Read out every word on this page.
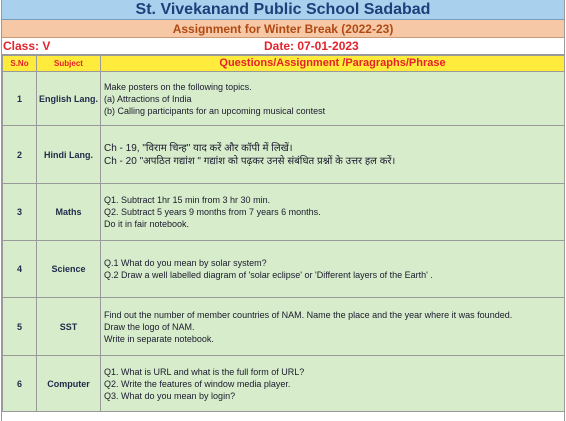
St. Vivekanand Public School Sadabad
Assignment for Winter Break (2022-23)
Class: V	Date: 07-01-2023
S.No	Subject	Questions/Assignment /Paragraphs/Phrase
1	English Lang.	Make posters on the following topics.
(a) Attractions of India
(b) Calling participants for an upcoming musical contest

2	Hindi Lang.	Ch - 19, "विराम चिन्ह" याद करें और कॉपी में लिखें।
Ch - 20 "अपठित गद्यांश " गद्यांश को पढ़कर उनसे संबंधित प्रश्नों के उत्तर हल करें।

3	Maths	Q1. Subtract 1hr 15 min from 3 hr 30 min.
Q2. Subtract 5 years 9 months from 7 years 6 months.
Do it in fair notebook.

4	Science	Q.1 What do you mean by solar system?
Q.2 Draw a well labelled diagram of 'solar eclipse' or 'Different layers of the Earth' .

5	SST	Find out the number of member countries of NAM. Name the place and the year where it was founded.
Draw the logo of NAM.
Write in separate notebook.

6	Computer	Q1. What is URL and what is the full form of URL?
Q2. Write the features of window media player.
Q3. What do you mean by login?
